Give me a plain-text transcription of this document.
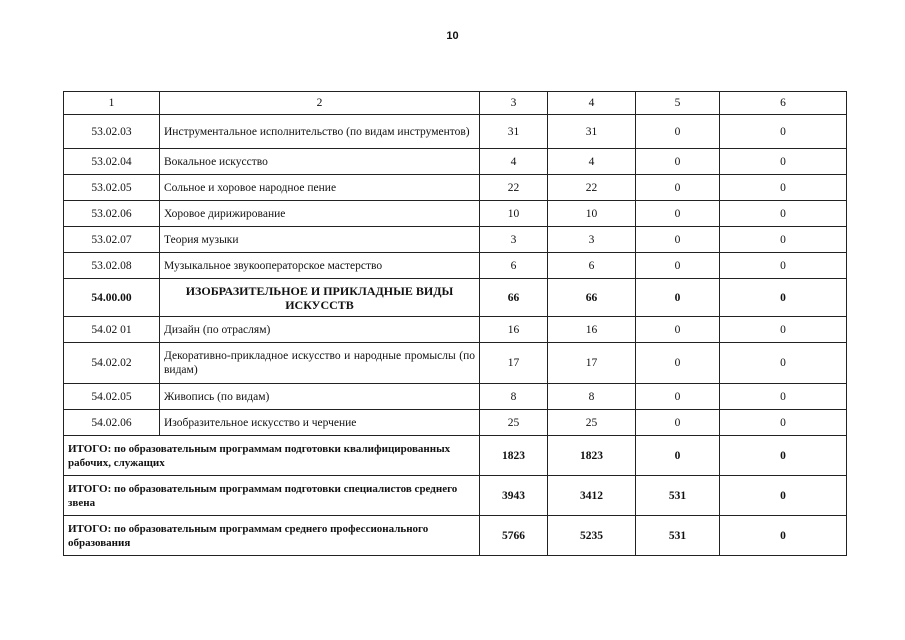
10
1	2	3	4	5	6
53.02.03	Инструментальное исполнительство (по видам инструментов)	31	31	0	0
53.02.04	Вокальное искусство	4	4	0	0
53.02.05	Сольное и хоровое народное пение	22	22	0	0
53.02.06	Хоровое дирижирование	10	10	0	0
53.02.07	Теория музыки	3	3	0	0
53.02.08	Музыкальное звукооператорское мастерство	6	6	0	0
54.00.00	ИЗОБРАЗИТЕЛЬНОЕ И ПРИКЛАДНЫЕ ВИДЫ ИСКУССТВ	66	66	0	0
54.02 01	Дизайн (по отраслям)	16	16	0	0
54.02.02	Декоративно-прикладное искусство и народные промыслы (по видам)	17	17	0	0
54.02.05	Живопись (по видам)	8	8	0	0
54.02.06	Изобразительное искусство и черчение	25	25	0	0
ИТОГО: по образовательным программам подготовки квалифицированных рабочих, служащих		1823	1823	0	0
ИТОГО: по образовательным программам подготовки специалистов среднего звена		3943	3412	531	0
ИТОГО: по образовательным программам среднего профессионального образования		5766	5235	531	0
